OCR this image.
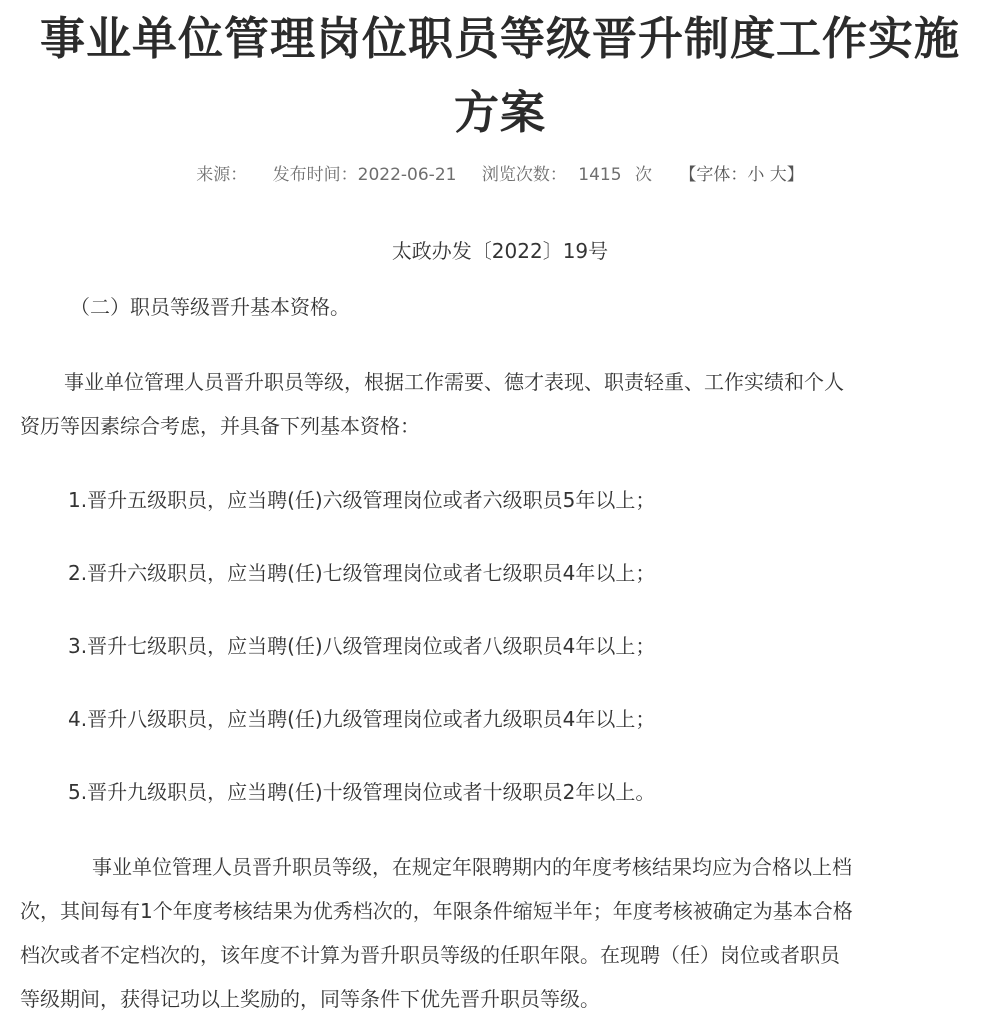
事业单位管理岗位职员等级晋升制度工作实施
方案
来源： 发布时间：2022-06-21 浏览次数： 1415 次 【字体：小 大】
太政办发〔2022〕19号
（二）职员等级晋升基本资格。
事业单位管理人员晋升职员等级，根据工作需要、德才表现、职责轻重、工作实绩和个人
资历等因素综合考虑，并具备下列基本资格：
1.晋升五级职员，应当聘(任)六级管理岗位或者六级职员5年以上；
2.晋升六级职员，应当聘(任)七级管理岗位或者七级职员4年以上；
3.晋升七级职员，应当聘(任)八级管理岗位或者八级职员4年以上；
4.晋升八级职员，应当聘(任)九级管理岗位或者九级职员4年以上；
5.晋升九级职员，应当聘(任)十级管理岗位或者十级职员2年以上。
事业单位管理人员晋升职员等级，在规定年限聘期内的年度考核结果均应为合格以上档
次，其间每有1个年度考核结果为优秀档次的，年限条件缩短半年；年度考核被确定为基本合格
档次或者不定档次的，该年度不计算为晋升职员等级的任职年限。在现聘（任）岗位或者职员
等级期间，获得记功以上奖励的，同等条件下优先晋升职员等级。
